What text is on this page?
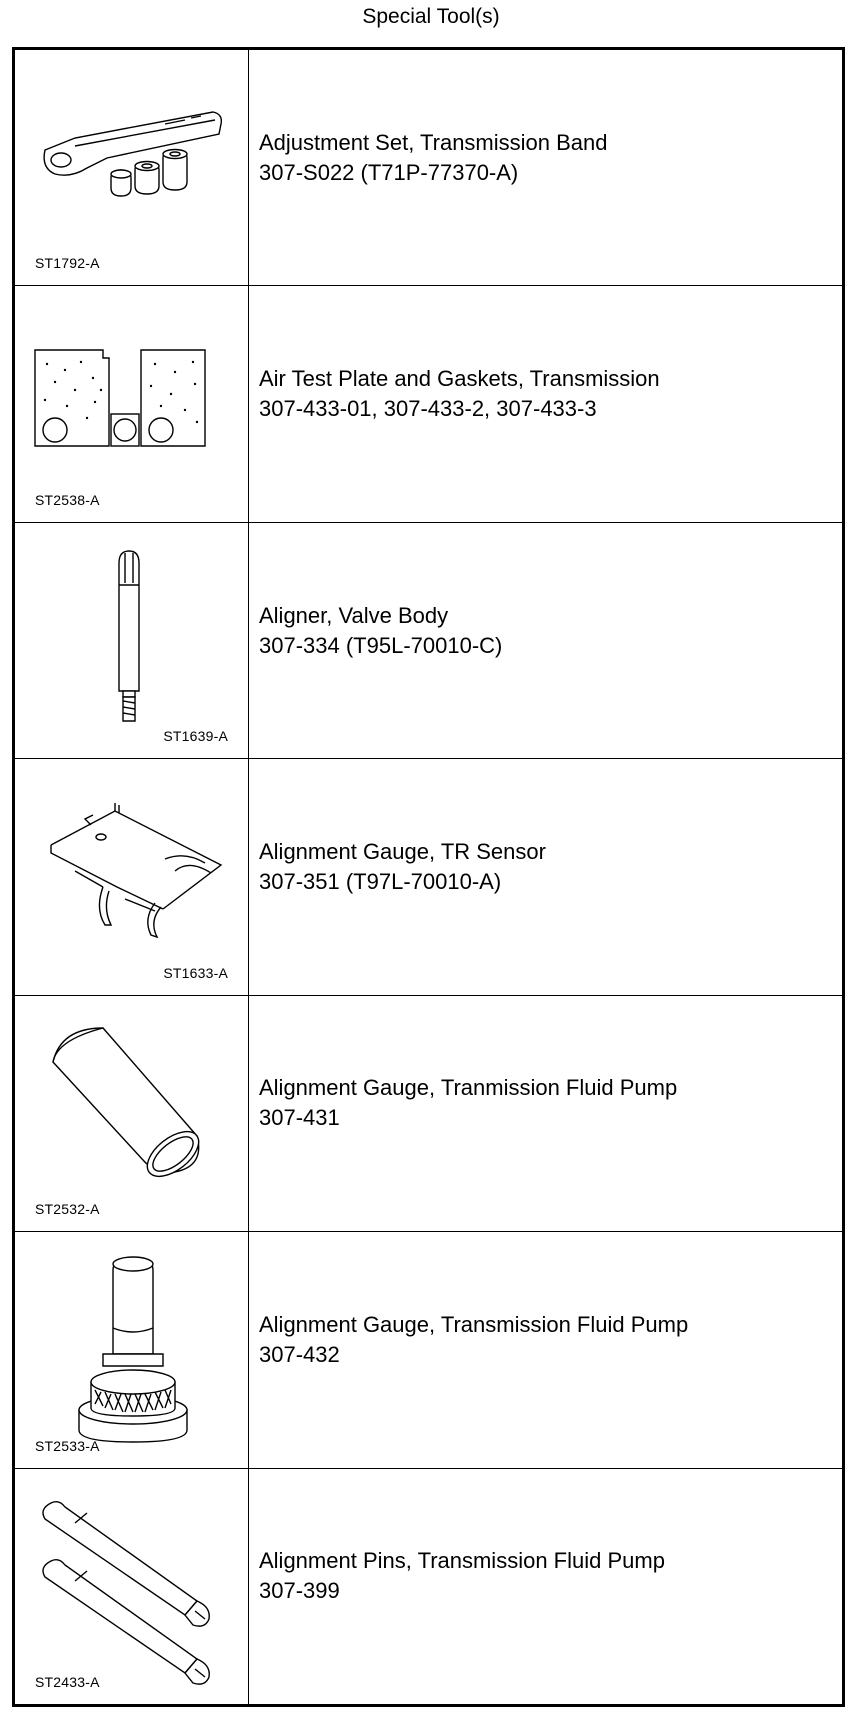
Special Tool(s)
ST1792-A
Adjustment Set, Transmission Band
307-S022 (T71P-77370-A)
ST2538-A
Air Test Plate and Gaskets, Transmission
307-433-01, 307-433-2, 307-433-3
ST1639-A
Aligner, Valve Body
307-334 (T95L-70010-C)
ST1633-A
Alignment Gauge, TR Sensor
307-351 (T97L-70010-A)
ST2532-A
Alignment Gauge, Tranmission Fluid Pump
307-431
ST2533-A
Alignment Gauge, Transmission Fluid Pump
307-432
ST2433-A
Alignment Pins, Transmission Fluid Pump
307-399
